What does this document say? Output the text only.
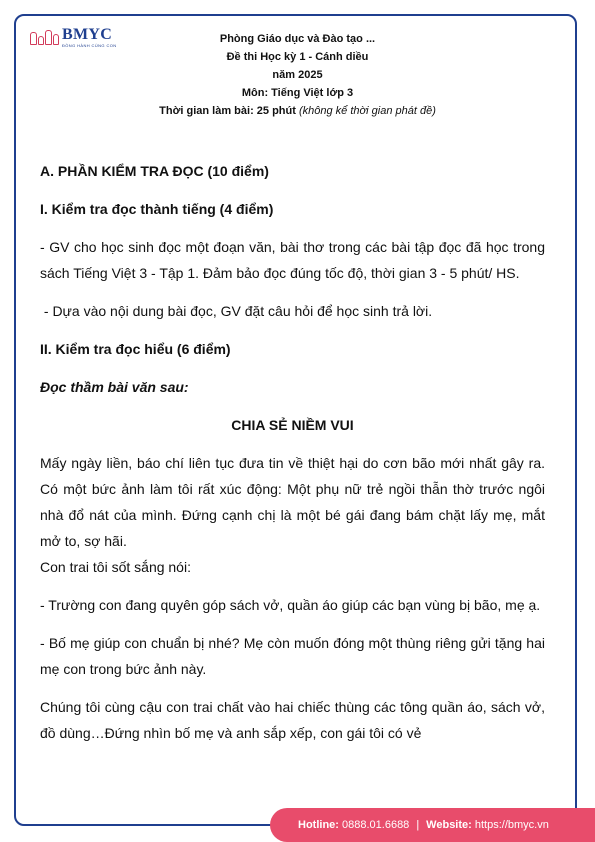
BMYC
ĐỒNG HÀNH CÙNG CON
Phòng Giáo dục và Đào tạo ...
Đề thi Học kỳ 1 - Cánh diều
năm 2025
Môn: Tiếng Việt lớp 3
Thời gian làm bài: 25 phút (không kể thời gian phát đề)

A. PHẦN KIỂM TRA ĐỌC (10 điểm)

I. Kiểm tra đọc thành tiếng (4 điểm)

- GV cho học sinh đọc một đoạn văn, bài thơ trong các bài tập đọc đã học trong sách Tiếng Việt 3 - Tập 1. Đảm bảo đọc đúng tốc độ, thời gian 3 - 5 phút/ HS.

- Dựa vào nội dung bài đọc, GV đặt câu hỏi để học sinh trả lời.

II. Kiểm tra đọc hiểu (6 điểm)

Đọc thầm bài văn sau:

CHIA SẺ NIỀM VUI

Mấy ngày liền, báo chí liên tục đưa tin về thiệt hại do cơn bão mới nhất gây ra. Có một bức ảnh làm tôi rất xúc động: Một phụ nữ trẻ ngồi thẫn thờ trước ngôi nhà đổ nát của mình. Đứng cạnh chị là một bé gái đang bám chặt lấy mẹ, mắt mở to, sợ hãi.

Con trai tôi sốt sắng nói:

- Trường con đang quyên góp sách vở, quần áo giúp các bạn vùng bị bão, mẹ ạ.

- Bố mẹ giúp con chuẩn bị nhé? Mẹ còn muốn đóng một thùng riêng gửi tặng hai mẹ con trong bức ảnh này.

Chúng tôi cùng cậu con trai chất vào hai chiếc thùng các tông quần áo, sách vở, đồ dùng…Đứng nhìn bố mẹ và anh sắp xếp, con gái tôi có vẻ

Hotline:
0888.01.6688 | Website:
https://bmyc.vn
